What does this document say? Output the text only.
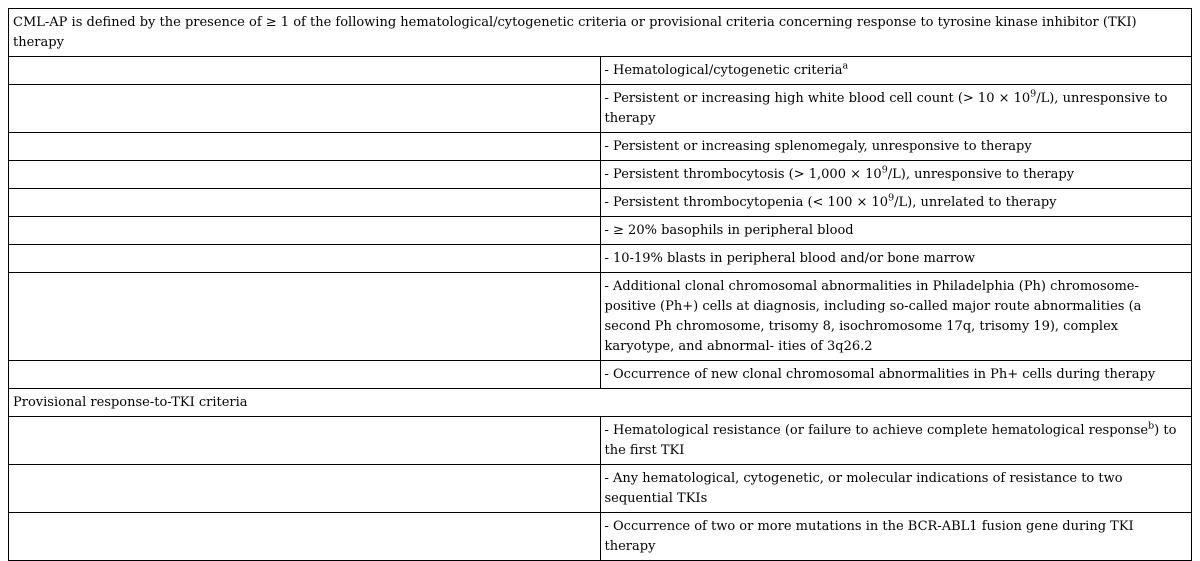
CML-AP is defined by the presence of ≥ 1 of the following hematological/cytogenetic criteria or provisional criteria concerning response to tyrosine kinase inhibitor (TKI) therapy	
	- Hematological/cytogenetic criteria$^a$
	- Persistent or increasing high white blood cell count (> $10 \times 10^9/L$), unresponsive to therapy
	- Persistent or increasing splenomegaly, unresponsive to therapy
	- Persistent thrombocytosis (> $1,000 \times 10^9/L$), unresponsive to therapy
	- Persistent thrombocytopenia (< $100 \times 10^9/L$), unrelated to therapy
	- ≥ 20% basophils in peripheral blood
	- 10-19% blasts in peripheral blood and/or bone marrow
	- Additional clonal chromosomal abnormalities in Philadelphia (Ph) chromosome-positive (Ph+) cells at diagnosis, including so-called major route abnormalities (a second Ph chromosome, trisomy 8, isochromosome 17q, trisomy 19), complex karyotype, and abnormal- ities of 3q26.2
	- Occurrence of new clonal chromosomal abnormalities in Ph+ cells during therapy
Provisional response-to-TKI criteria	
	- Hematological resistance (or failure to achieve complete hematological response$^b$) to the first TKI
	- Any hematological, cytogenetic, or molecular indications of resistance to two sequential TKIs
	- Occurrence of two or more mutations in the BCR-ABL1 fusion gene during TKI therapy
